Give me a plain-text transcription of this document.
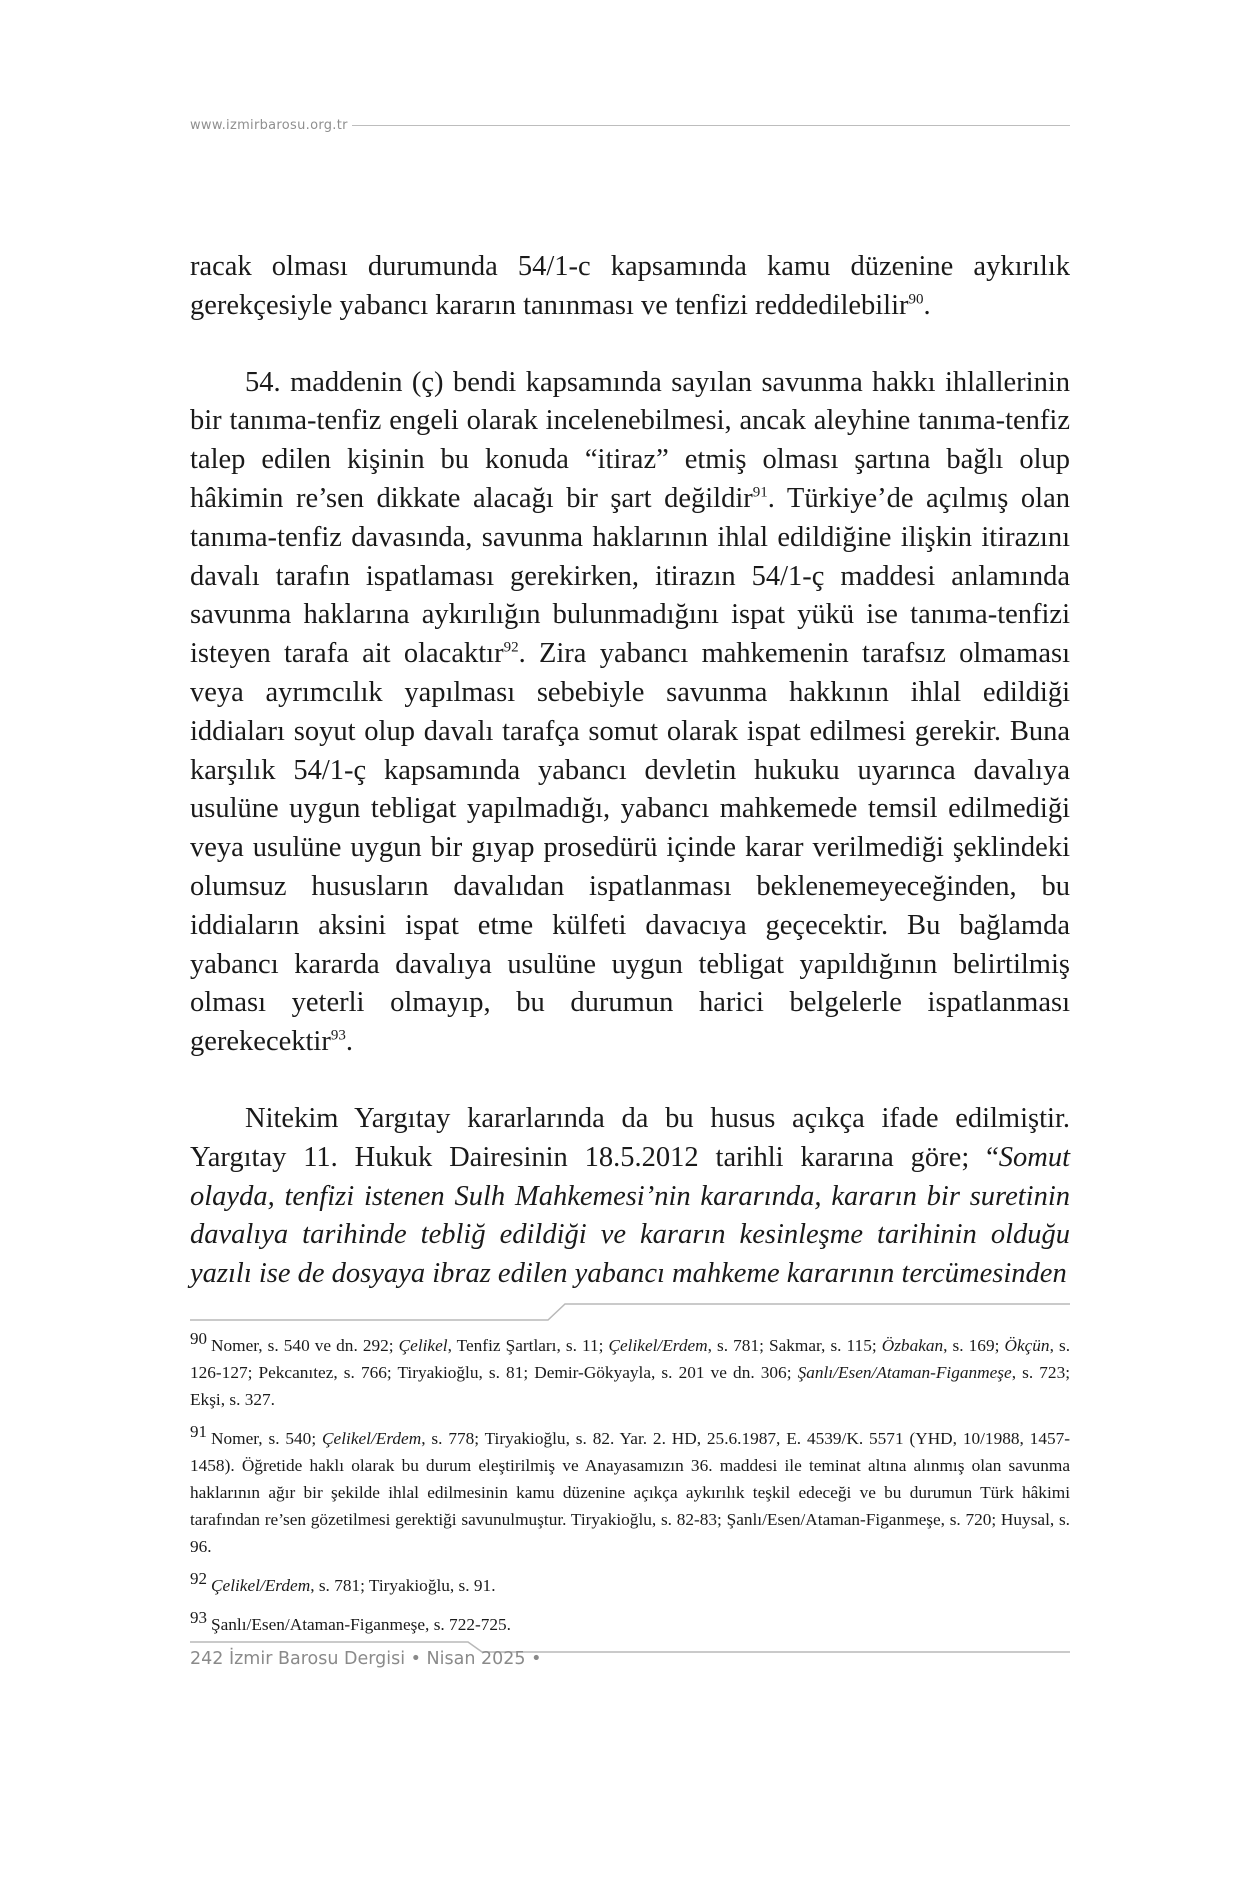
www.izmirbarosu.org.tr

racak olması durumunda 54/1-c kapsamında kamu düzenine aykırılık gerekçesiyle yabancı kararın tanınması ve tenfizi reddedilebilir$^{90}$.

54. maddenin (ç) bendi kapsamında sayılan savunma hakkı ihlallerinin bir tanıma-tenfiz engeli olarak incelenebilmesi, ancak aleyhine tanıma-tenfiz talep edilen kişinin bu konuda “itiraz” etmiş olması şartına bağlı olup hâkimin re’sen dikkate alacağı bir şart değildir$^{91}$. Türkiye’de açılmış olan tanıma-tenfiz davasında, savunma haklarının ihlal edildiğine ilişkin itirazını davalı tarafın ispatlaması gerekirken, itirazın 54/1-ç maddesi anlamında savunma haklarına aykırılığın bulunmadığını ispat yükü ise tanıma-tenfizi isteyen tarafa ait olacaktır$^{92}$. Zira yabancı mahkemenin tarafsız olmaması veya ayrımcılık yapılması sebebiyle savunma hakkının ihlal edildiği iddiaları soyut olup davalı tarafça somut olarak ispat edilmesi gerekir. Buna karşılık 54/1-ç kapsamında yabancı devletin hukuku uyarınca davalıya usulüne uygun tebligat yapılmadığı, yabancı mahkemede temsil edilmediği veya usulüne uygun bir gıyap prosedürü içinde karar verilmediği şeklindeki olumsuz hususların davalıdan ispatlanması beklenemeyeceğinden, bu iddiaların aksini ispat etme külfeti davacıya geçecektir. Bu bağlamda yabancı kararda davalıya usulüne uygun tebligat yapıldığının belirtilmiş olması yeterli olmayıp, bu durumun harici belgelerle ispatlanması gerekecektir$^{93}$.

Nitekim Yargıtay kararlarında da bu husus açıkça ifade edilmiştir. Yargıtay 11. Hukuk Dairesinin 18.5.2012 tarihli kararına göre; “Somut olayda, tenfizi istenen Sulh Mahkemesi’nin kararında, kararın bir suretinin davalıya tarihinde tebliğ edildiği ve kararın kesinleşme tarihinin olduğu yazılı ise de dosyaya ibraz edilen yabancı mahkeme kararının tercümesinden

90 Nomer, s. 540 ve dn. 292; Çelikel, Tenfiz Şartları, s. 11; Çelikel/Erdem, s. 781; Sakmar, s. 115; Özbakan, s. 169; Ökçün, s. 126-127; Pekcanıtez, s. 766; Tiryakioğlu, s. 81; Demir-Gökyayla, s. 201 ve dn. 306; Şanlı/Esen/Ataman-Figanmeşe, s. 723; Ekşi, s. 327.

91 Nomer, s. 540; Çelikel/Erdem, s. 778; Tiryakioğlu, s. 82. Yar. 2. HD, 25.6.1987, E. 4539/K. 5571 (YHD, 10/1988, 1457-1458). Öğretide haklı olarak bu durum eleştirilmiş ve Anayasamızın 36. maddesi ile teminat altına alınmış olan savunma haklarının ağır bir şekilde ihlal edilmesinin kamu düzenine açıkça aykırılık teşkil edeceği ve bu durumun Türk hâkimi tarafından re’sen gözetilmesi gerektiği savunulmuştur. Tiryakioğlu, s. 82-83; Şanlı/Esen/Ataman-Figanmeşe, s. 720; Huysal, s. 96.

92 Çelikel/Erdem, s. 781; Tiryakioğlu, s. 91.

93 Şanlı/Esen/Ataman-Figanmeşe, s. 722-725.

242 İzmir Barosu Dergisi • Nisan 2025 •
